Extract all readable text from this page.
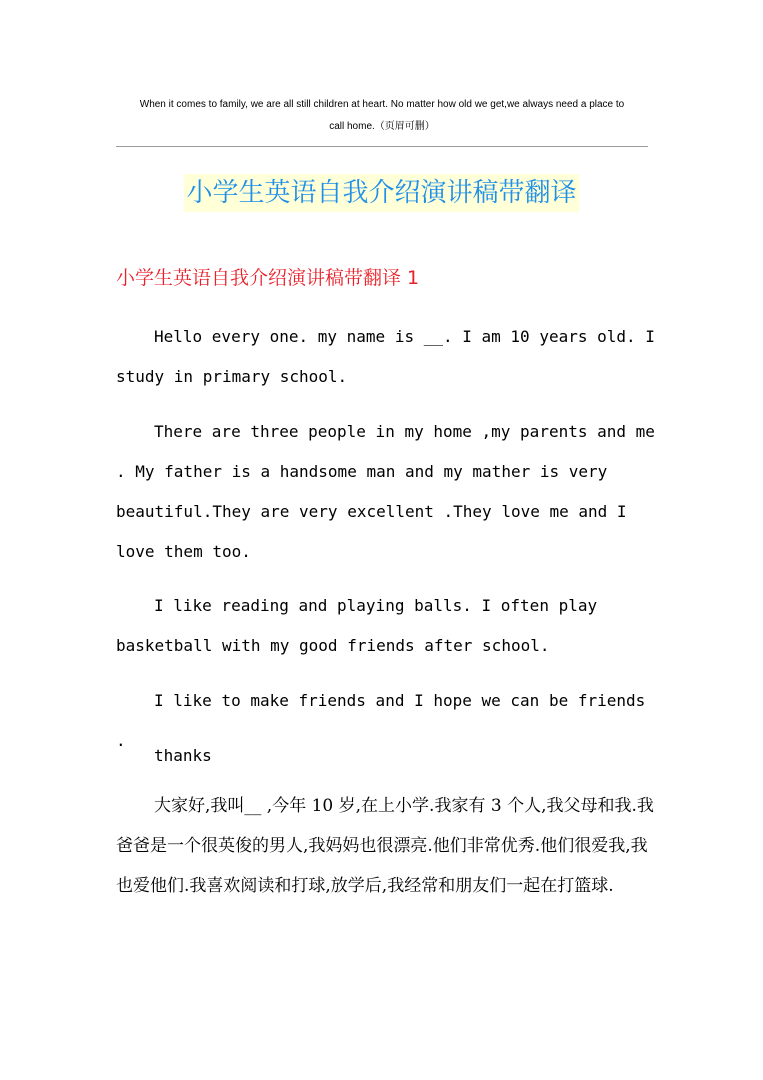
When it comes to family, we are all still children at heart. No matter how old we get,we always need a place to
call home.（页眉可删）
小学生英语自我介绍演讲稿带翻译
小学生英语自我介绍演讲稿带翻译 1

Hello every one. my name is __. I am 10 years old. I study in primary school.

There are three people in my home ,my parents and me . My father is a handsome man and my mather is very beautiful.They are very excellent .They love me and I love them too.

I like reading and playing balls. I often play basketball with my good friends after school.

I like to make friends and I hope we can be friends .

thanks

大家好,我叫__ ,今年 10 岁,在上小学.我家有 3 个人,我父母和我.我爸爸是一个很英俊的男人,我妈妈也很漂亮.他们非常优秀.他们很爱我,我也爱他们.我喜欢阅读和打球,放学后,我经常和朋友们一起在打篮球.
